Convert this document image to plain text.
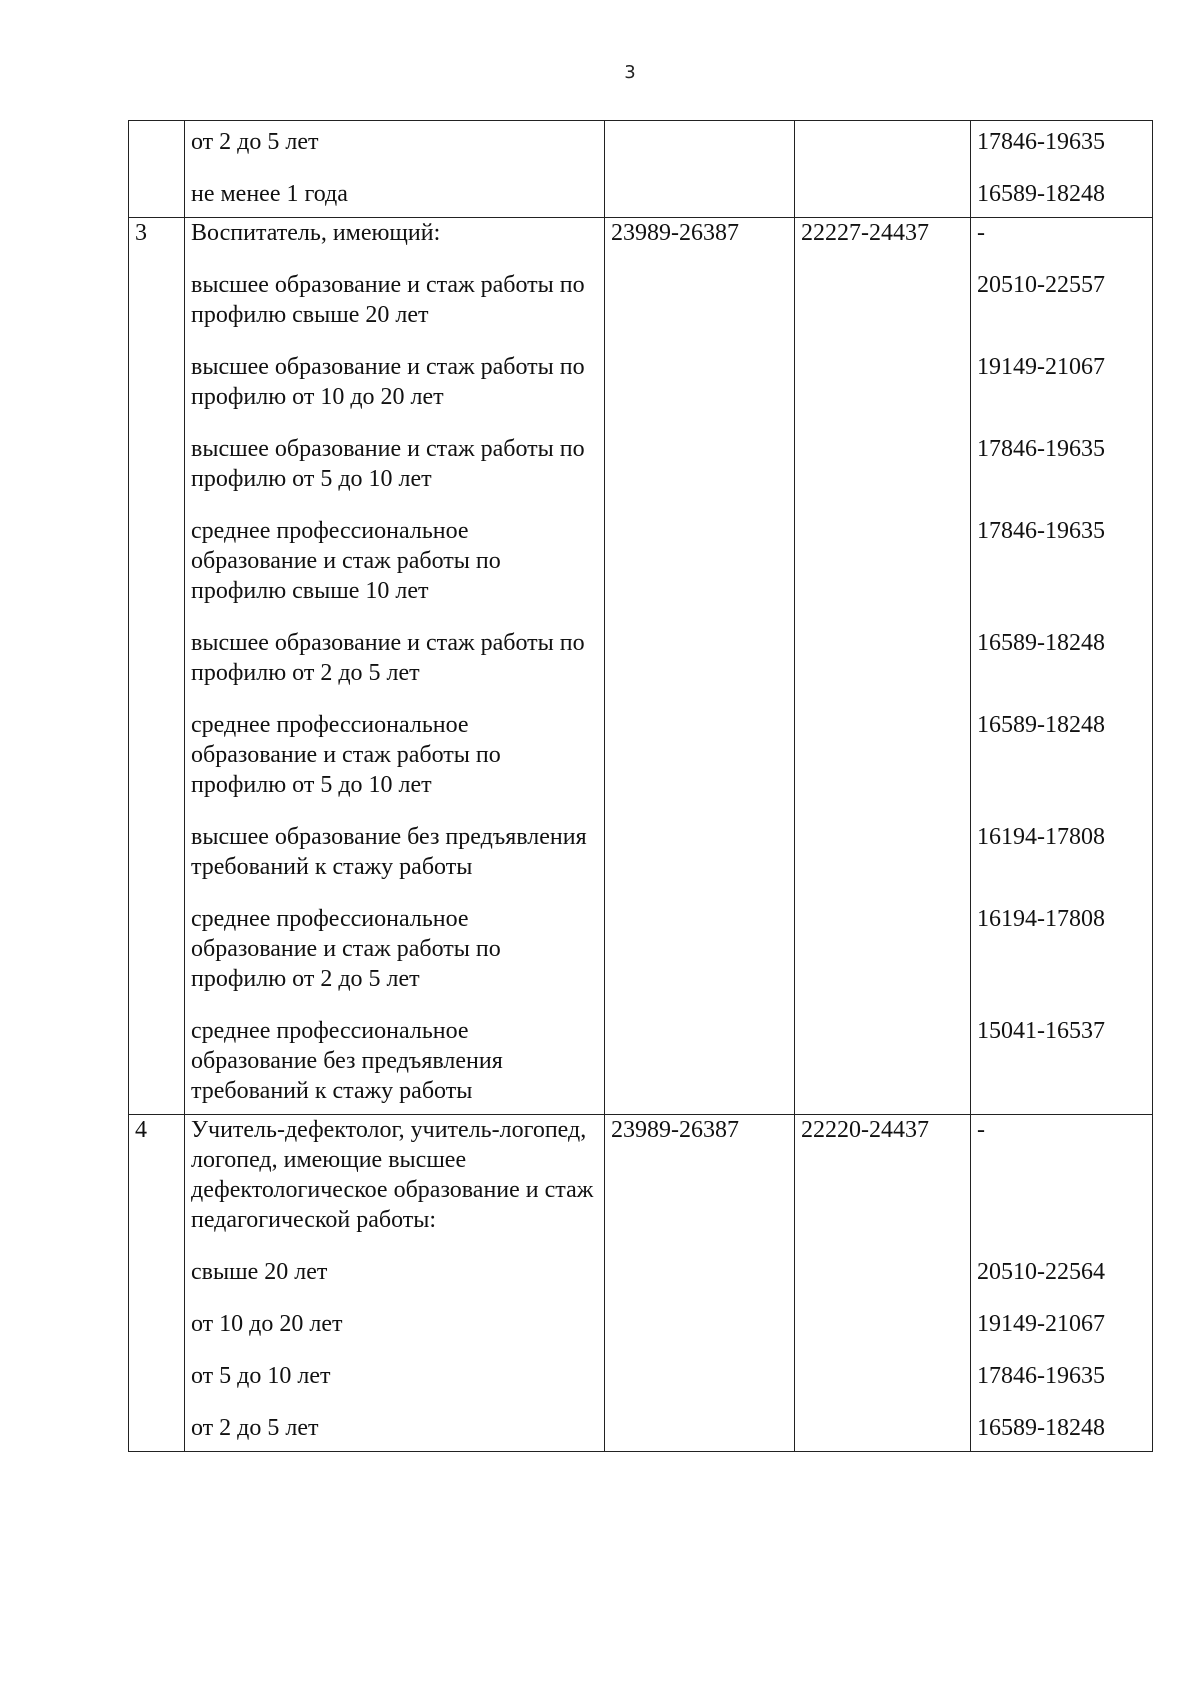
3
	от 2 до 5 лет			17846-19635
	не менее 1 года			16589-18248
3	Воспитатель, имеющий:	23989-26387	22227-24437	-
	высшее образование и стаж работы по профилю свыше 20 лет			20510-22557
	высшее образование и стаж работы по профилю от 10 до 20 лет			19149-21067
	высшее образование и стаж работы по профилю от 5 до 10 лет			17846-19635
	среднее профессиональное образование и стаж работы по профилю свыше 10 лет			17846-19635
	высшее образование и стаж работы по профилю от 2 до 5 лет			16589-18248
	среднее профессиональное образование и стаж работы по профилю от 5 до 10 лет			16589-18248
	высшее образование без предъявления требований к стажу работы			16194-17808
	среднее профессиональное образование и стаж работы по профилю от 2 до 5 лет			16194-17808
	среднее профессиональное образование без предъявления требований к стажу работы			15041-16537
4	Учитель-дефектолог, учитель-логопед, логопед, имеющие высшее дефектологическое образование и стаж педагогической работы:	23989-26387	22220-24437	-
	свыше 20 лет			20510-22564
	от 10 до 20 лет			19149-21067
	от 5 до 10 лет			17846-19635
	от 2 до 5 лет			16589-18248
